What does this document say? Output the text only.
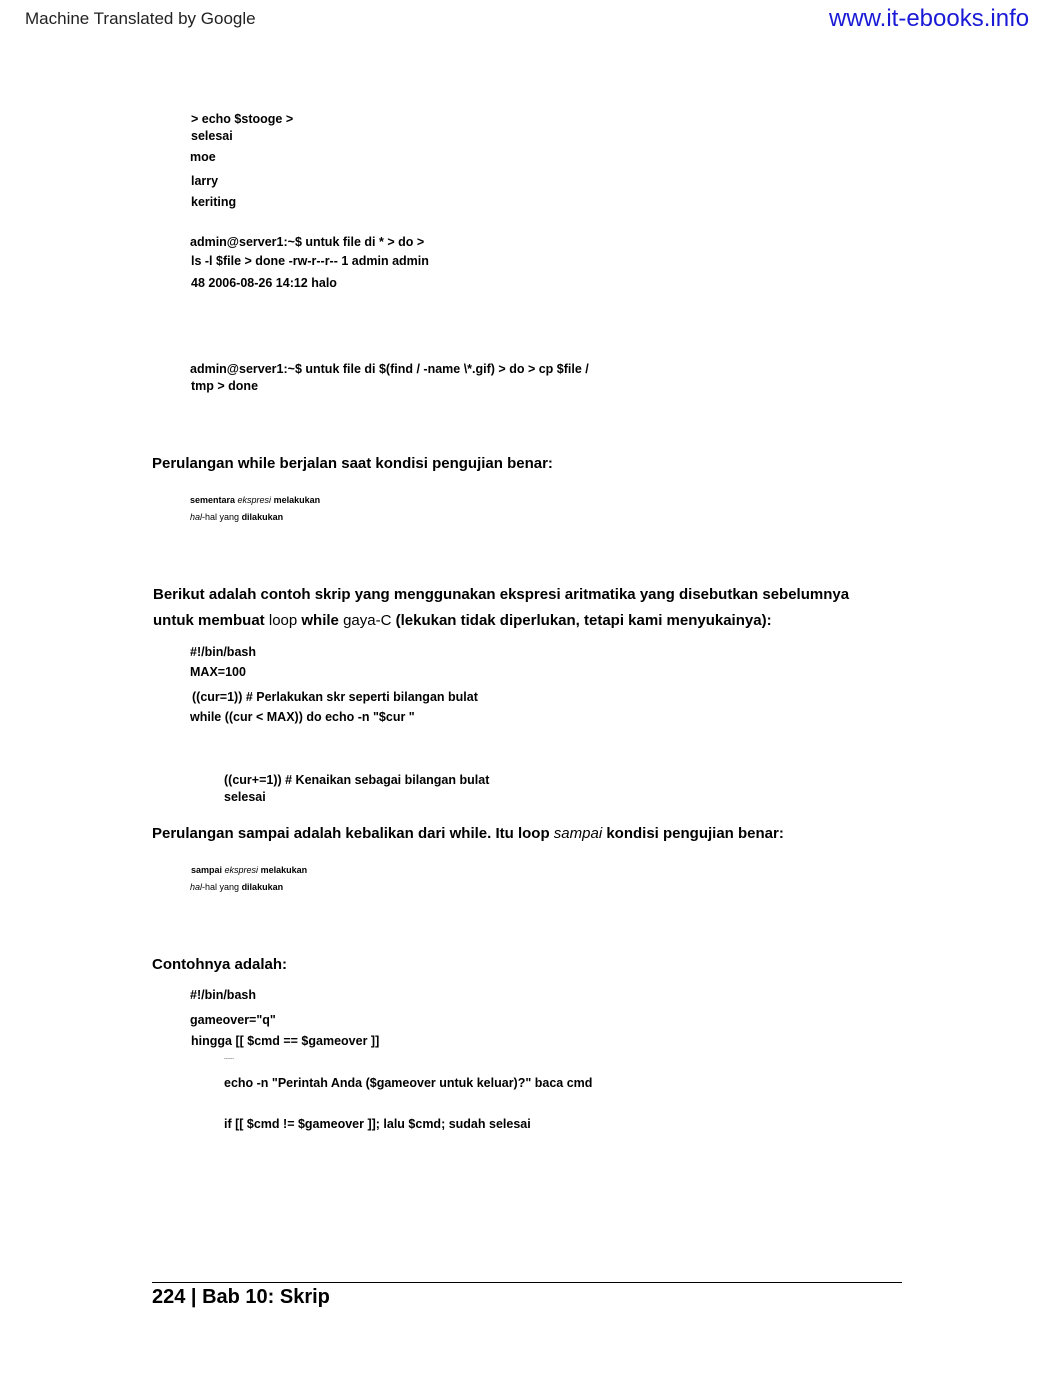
Machine Translated by Google	www.it-ebooks.info
> echo $stooge >
selesai
moe
larry
keriting
admin@server1:~$ untuk file di * > do >
ls -l $file > done -rw-r--r-- 1 admin admin
48 2006-08-26 14:12 halo
admin@server1:~$ untuk file di $(find / -name \*.gif) > do > cp $file /
tmp > done
Perulangan while berjalan saat kondisi pengujian benar:
sementara ekspresi melakukan
hal-hal yang dilakukan
Berikut adalah contoh skrip yang menggunakan ekspresi aritmatika yang disebutkan sebelumnya
untuk membuat loop while gaya-C (lekukan tidak diperlukan, tetapi kami menyukainya):
#!/bin/bash
MAX=100
((cur=1)) # Perlakukan skr seperti bilangan bulat
while ((cur < MAX)) do echo -n "$cur "
((cur+=1)) # Kenaikan sebagai bilangan bulat
selesai
Perulangan sampai adalah kebalikan dari while. Itu loop sampai kondisi pengujian benar:
sampai ekspresi melakukan
hal-hal yang dilakukan
Contohnya adalah:
#!/bin/bash
gameover="q"
hingga [[ $cmd == $gameover ]]
------
echo -n "Perintah Anda ($gameover untuk keluar)?" baca cmd
if [[ $cmd != $gameover ]]; lalu $cmd; sudah selesai
224 | Bab 10: Skrip
